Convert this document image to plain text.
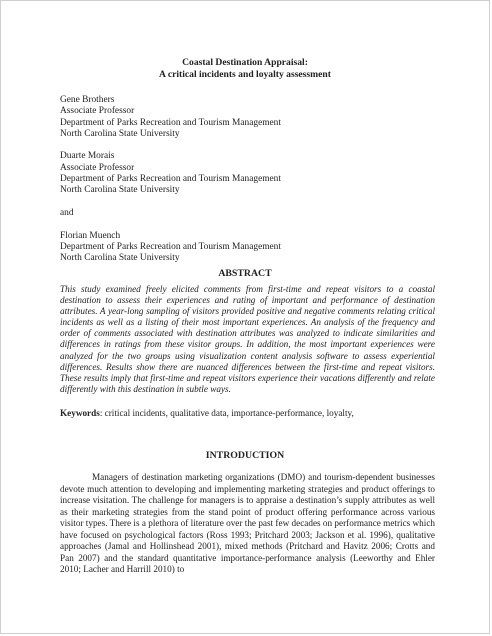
Coastal Destination Appraisal:
A critical incidents and loyalty assessment
Gene Brothers
Associate Professor
Department of Parks Recreation and Tourism Management
North Carolina State University
Duarte Morais
Associate Professor
Department of Parks Recreation and Tourism Management
North Carolina State University
and
Florian Muench
Department of Parks Recreation and Tourism Management
North Carolina State University
ABSTRACT
This study examined freely elicited comments from first-time and repeat visitors to a coastal destination to assess their experiences and rating of important and performance of destination attributes. A year-long sampling of visitors provided positive and negative comments relating critical incidents as well as a listing of their most important experiences. An analysis of the frequency and order of comments associated with destination attributes was analyzed to indicate similarities and differences in ratings from these visitor groups. In addition, the most important experiences were analyzed for the two groups using visualization content analysis software to assess experiential differences. Results show there are nuanced differences between the first-time and repeat visitors. These results imply that first-time and repeat visitors experience their vacations differently and relate differently with this destination in subtle ways.
Keywords: critical incidents, qualitative data, importance-performance, loyalty,
INTRODUCTION
Managers of destination marketing organizations (DMO) and tourism-dependent businesses devote much attention to developing and implementing marketing strategies and product offerings to increase visitation. The challenge for managers is to appraise a destination’s supply attributes as well as their marketing strategies from the stand point of product offering performance across various visitor types. There is a plethora of literature over the past few decades on performance metrics which have focused on psychological factors (Ross 1993; Pritchard 2003; Jackson et al. 1996), qualitative approaches (Jamal and Hollinshead 2001), mixed methods (Pritchard and Havitz 2006; Crotts and Pan 2007) and the standard quantitative importance-performance analysis (Leeworthy and Ehler 2010; Lacher and Harrill 2010) to
